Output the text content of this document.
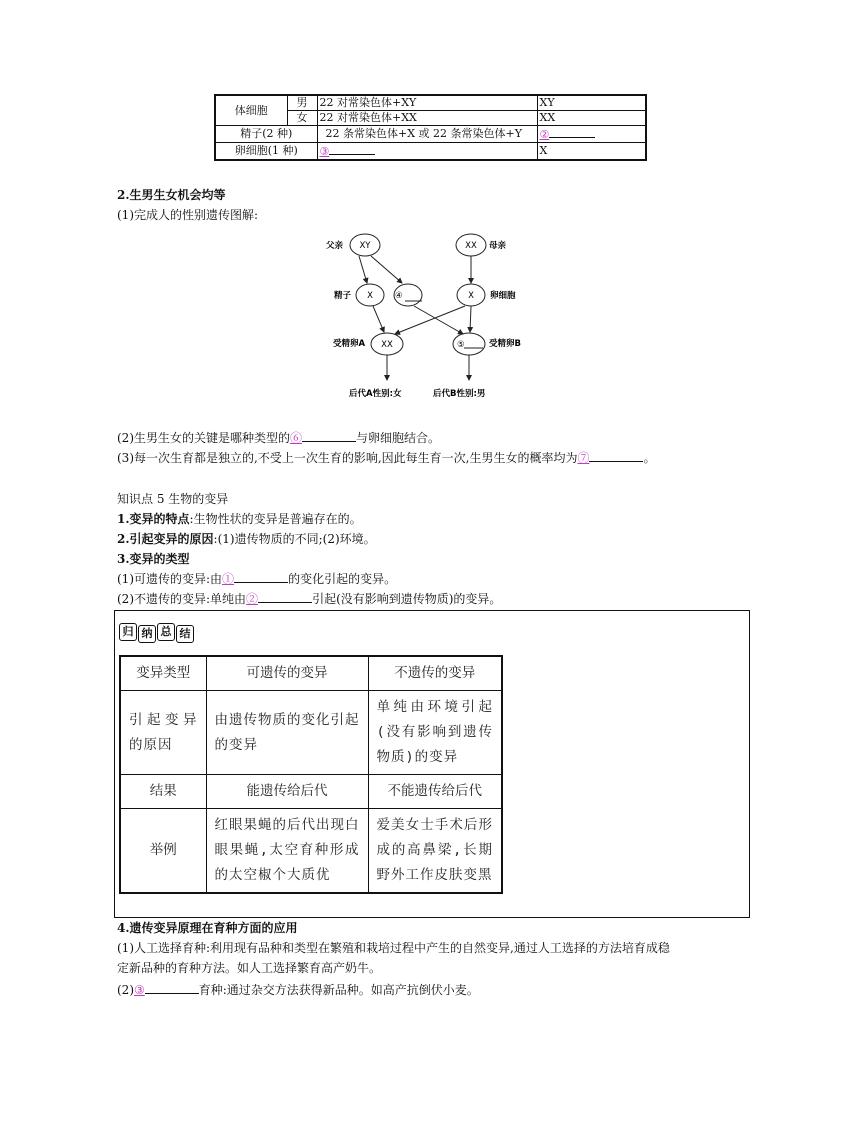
体细胞	男	22 对常染色体+XY	XY
	女	22 对常染色体+XX	XX
精子(2 种)		22 条常染色体+X 或 22 条常染色体+Y	②
卵细胞(1 种)		③	X
2.生男生女机会均等
(1)完成人的性别遗传图解:
父亲 XY	XX 母亲
精子 X	④	X 卵细胞
受精卵A XX	⑤	受精卵B
后代A性别:女	后代B性别:男
(2)生男生女的关键是哪种类型的⑥	与卵细胞结合。
(3)每一次生育都是独立的,不受上一次生育的影响,因此每生育一次,生男生女的概率均为⑦	。
知识点 5 生物的变异
1.变异的特点:生物性状的变异是普遍存在的。
2.引起变异的原因:(1)遗传物质的不同;(2)环境。
3.变异的类型
(1)可遗传的变异:由①	的变化引起的变异。
(2)不遗传的变异:单纯由②	引起(没有影响到遗传物质)的变异。
归 纳 总 结
变异类型	可遗传的变异	不遗传的变异
引起变异的原因	由遗传物质的变化引起的变异	单纯由环境引起(没有影响到遗传物质)的变异
结果	能遗传给后代	不能遗传给后代
举例	红眼果蝇的后代出现白眼果蝇,太空育种形成的太空椒个大质优	爱美女士手术后形成的高鼻梁,长期野外工作皮肤变黑
4.遗传变异原理在育种方面的应用
(1)人工选择育种:利用现有品种和类型在繁殖和栽培过程中产生的自然变异,通过人工选择的方法培育成稳
定新品种的育种方法。如人工选择繁育高产奶牛。
(2)③	育种:通过杂交方法获得新品种。如高产抗倒伏小麦。
